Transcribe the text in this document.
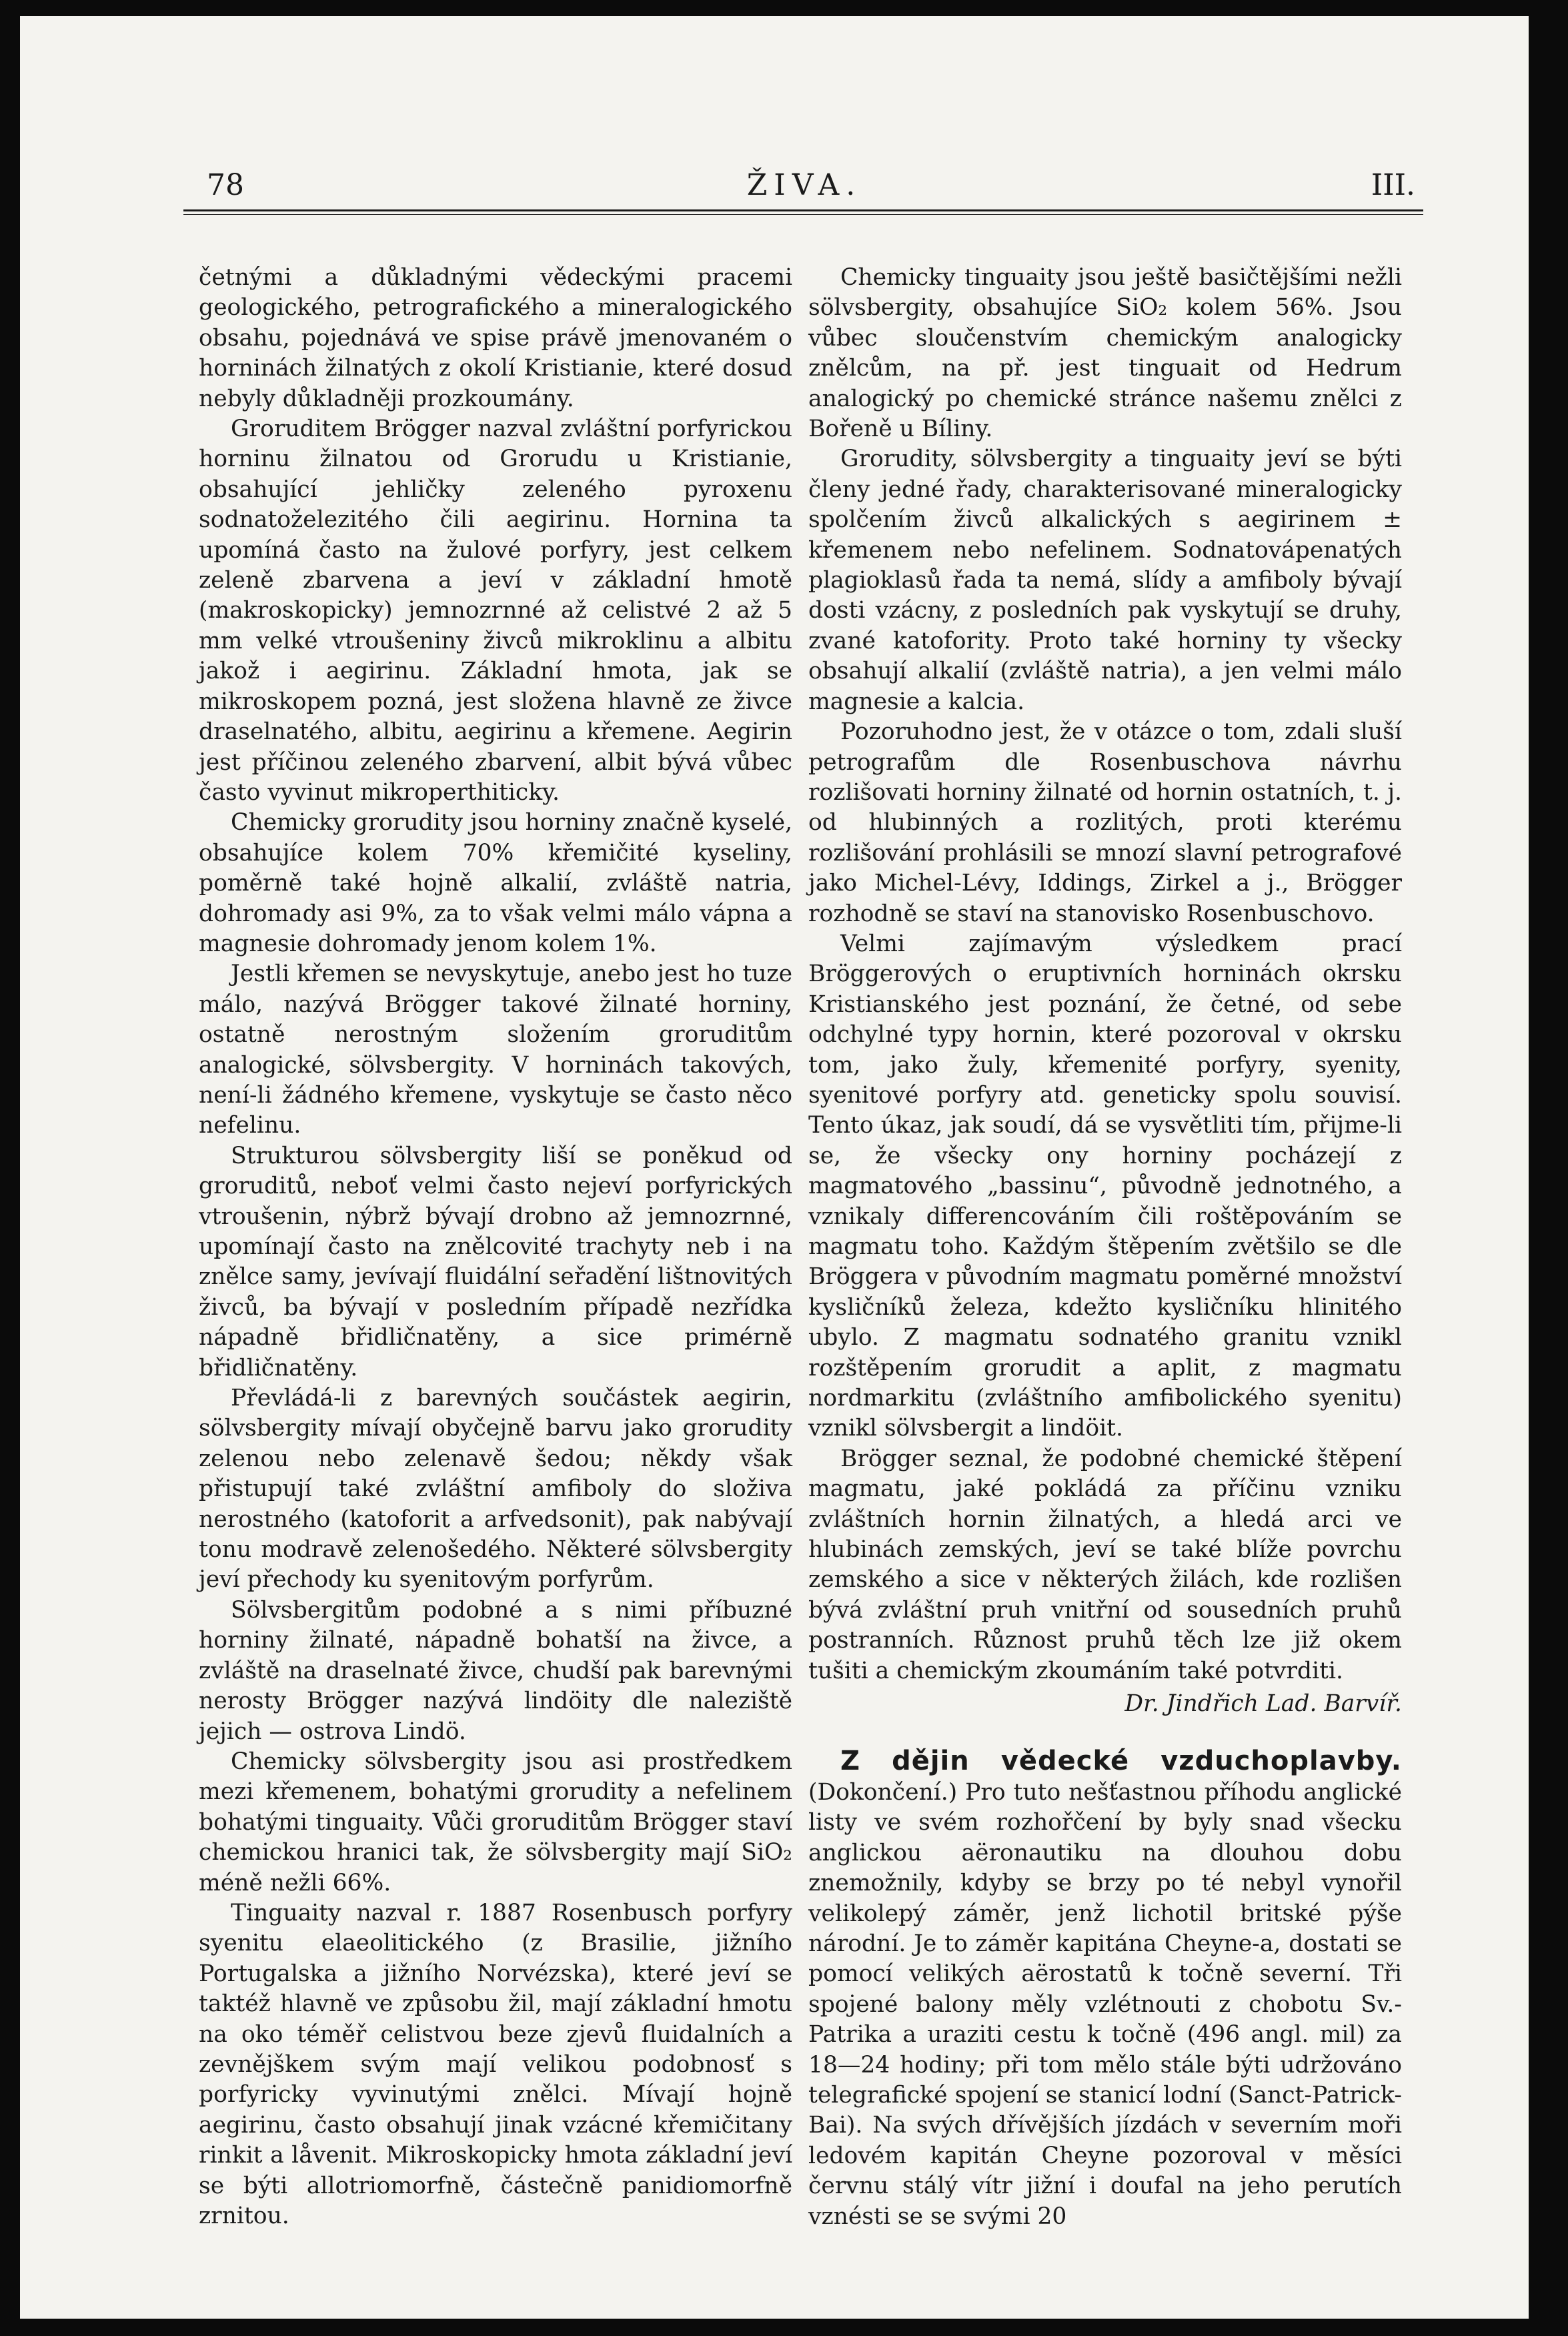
78	ŽIVA.	III.

četnými a důkladnými vědeckými pracemi geologického, petrografického a mineralogického obsahu, pojednává ve spise právě jmenovaném o horninách žilnatých z okolí Kristianie, které dosud nebyly důkladněji prozkoumány.

Groruditem Brögger nazval zvláštní porfyrickou horninu žilnatou od Grorudu u Kristianie, obsahující jehličky zeleného pyroxenu sodnatoželezitého čili aegirinu. Hornina ta upomíná často na žulové porfyry, jest celkem zeleně zbarvena a jeví v základní hmotě (makroskopicky) jemnozrnné až celistvé 2 až 5 mm velké vtroušeniny živců mikroklinu a albitu jakož i aegirinu. Základní hmota, jak se mikroskopem pozná, jest složena hlavně ze živce draselnatého, albitu, aegirinu a křemene. Aegirin jest příčinou zeleného zbarvení, albit bývá vůbec často vyvinut mikroperthiticky.

Chemicky grorudity jsou horniny značně kyselé, obsahujíce kolem 70% křemičité kyseliny, poměrně také hojně alkalií, zvláště natria, dohromady asi 9%, za to však velmi málo vápna a magnesie dohromady jenom kolem 1%.

Jestli křemen se nevyskytuje, anebo jest ho tuze málo, nazývá Brögger takové žilnaté horniny, ostatně nerostným složením groruditům analogické, sölvsbergity. V horninách takových, není-li žádného křemene, vyskytuje se často něco nefelinu.

Strukturou sölvsbergity liší se poněkud od groruditů, neboť velmi často nejeví porfyrických vtroušenin, nýbrž bývají drobno až jemnozrnné, upomínají často na znělcovité trachyty neb i na znělce samy, jevívají fluidální seřadění lištnovitých živců, ba bývají v posledním případě nezřídka nápadně břidličnatěny, a sice primérně břidličnatěny.

Převládá-li z barevných součástek aegirin, sölvsbergity mívají obyčejně barvu jako grorudity zelenou nebo zelenavě šedou; někdy však přistupují také zvláštní amfiboly do složiva nerostného (katoforit a arfvedsonit), pak nabývají tonu modravě zelenošedého. Některé sölvsbergity jeví přechody ku syenitovým porfyrům.

Sölvsbergitům podobné a s nimi příbuzné horniny žilnaté, nápadně bohatší na živce, a zvláště na draselnaté živce, chudší pak barevnými nerosty Brögger nazývá lindöity dle naleziště jejich — ostrova Lindö.

Chemicky sölvsbergity jsou asi prostředkem mezi křemenem, bohatými grorudity a nefelinem bohatými tinguaity. Vůči groruditům Brögger staví chemickou hranici tak, že sölvsbergity mají SiO₂ méně nežli 66%.

Tinguaity nazval r. 1887 Rosenbusch porfyry syenitu elaeolitického (z Brasilie, jižního Portugalska a jižního Norvézska), které jeví se taktéž hlavně ve způsobu žil, mají základní hmotu na oko téměř celistvou beze zjevů fluidalních a zevnějškem svým mají velikou podobnosť s porfyricky vyvinutými znělci. Mívají hojně aegirinu, často obsahují jinak vzácné křemičitany rinkit a låvenit. Mikroskopicky hmota základní jeví se býti allotriomorfně, částečně panidiomorfně zrnitou.

Chemicky tinguaity jsou ještě basičtějšími nežli sölvsbergity, obsahujíce SiO₂ kolem 56%. Jsou vůbec sloučenstvím chemickým analogicky znělcům, na př. jest tinguait od Hedrum analogický po chemické stránce našemu znělci z Bořeně u Bíliny.

Grorudity, sölvsbergity a tinguaity jeví se býti členy jedné řady, charakterisované mineralogicky spolčením živců alkalických s aegirinem ± křemenem nebo nefelinem. Sodnatovápenatých plagioklasů řada ta nemá, slídy a amfiboly bývají dosti vzácny, z posledních pak vyskytují se druhy, zvané katofority. Proto také horniny ty všecky obsahují alkalií (zvláště natria), a jen velmi málo magnesie a kalcia.

Pozoruhodno jest, že v otázce o tom, zdali sluší petrografům dle Rosenbuschova návrhu rozlišovati horniny žilnaté od hornin ostatních, t. j. od hlubinných a rozlitých, proti kterému rozlišování prohlásili se mnozí slavní petrografové jako Michel-Lévy, Iddings, Zirkel a j., Brögger rozhodně se staví na stanovisko Rosenbuschovo.

Velmi zajímavým výsledkem prací Bröggerových o eruptivních horninách okrsku Kristianského jest poznání, že četné, od sebe odchylné typy hornin, které pozoroval v okrsku tom, jako žuly, křemenité porfyry, syenity, syenitové porfyry atd. geneticky spolu souvisí. Tento úkaz, jak soudí, dá se vysvětliti tím, přijme-li se, že všecky ony horniny pocházejí z magmatového „bassinu“, původně jednotného, a vznikaly differencováním čili roštěpováním se magmatu toho. Každým štěpením zvětšilo se dle Bröggera v původním magmatu poměrné množství kysličníků železa, kdežto kysličníku hlinitého ubylo. Z magmatu sodnatého granitu vznikl rozštěpením grorudit a aplit, z magmatu nordmarkitu (zvláštního amfibolického syenitu) vznikl sölvsbergit a lindöit.

Brögger seznal, že podobné chemické štěpení magmatu, jaké pokládá za příčinu vzniku zvláštních hornin žilnatých, a hledá arci ve hlubinách zemských, jeví se také blíže povrchu zemského a sice v některých žilách, kde rozlišen bývá zvláštní pruh vnitřní od sousedních pruhů postranních. Různost pruhů těch lze již okem tušiti a chemickým zkoumáním také potvrditi.

Dr. Jindřich Lad. Barvíř.

Z dějin vědecké vzduchoplavby. (Dokončení.) Pro tuto nešťastnou příhodu anglické listy ve svém rozhořčení by byly snad všecku anglickou aëronautiku na dlouhou dobu znemožnily, kdyby se brzy po té nebyl vynořil velikolepý záměr, jenž lichotil britské pýše národní. Je to záměr kapitána Cheyne-a, dostati se pomocí velikých aërostatů k točně severní. Tři spojené balony měly vzlétnouti z chobotu Sv.-Patrika a uraziti cestu k točně (496 angl. mil) za 18—24 hodiny; při tom mělo stále býti udržováno telegrafické spojení se stanicí lodní (Sanct-Patrick-Bai). Na svých dřívějších jízdách v severním moři ledovém kapitán Cheyne pozoroval v měsíci červnu stálý vítr jižní i doufal na jeho perutích vznésti se se svými 20
